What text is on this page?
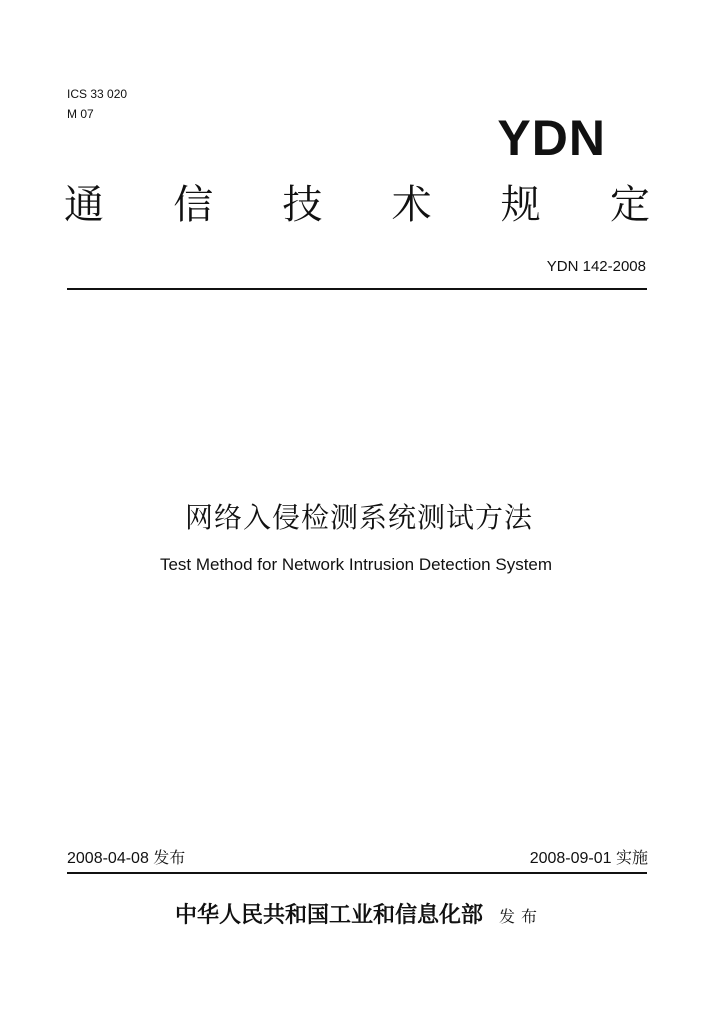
ICS 33 020
M 07	YDN
通 信 技 术 规 定
YDN 142-2008
网络入侵检测系统测试方法
Test Method for Network Intrusion Detection System
2008-04-08 发布	2008-09-01 实施
中华人民共和国工业和信息化部 发布
